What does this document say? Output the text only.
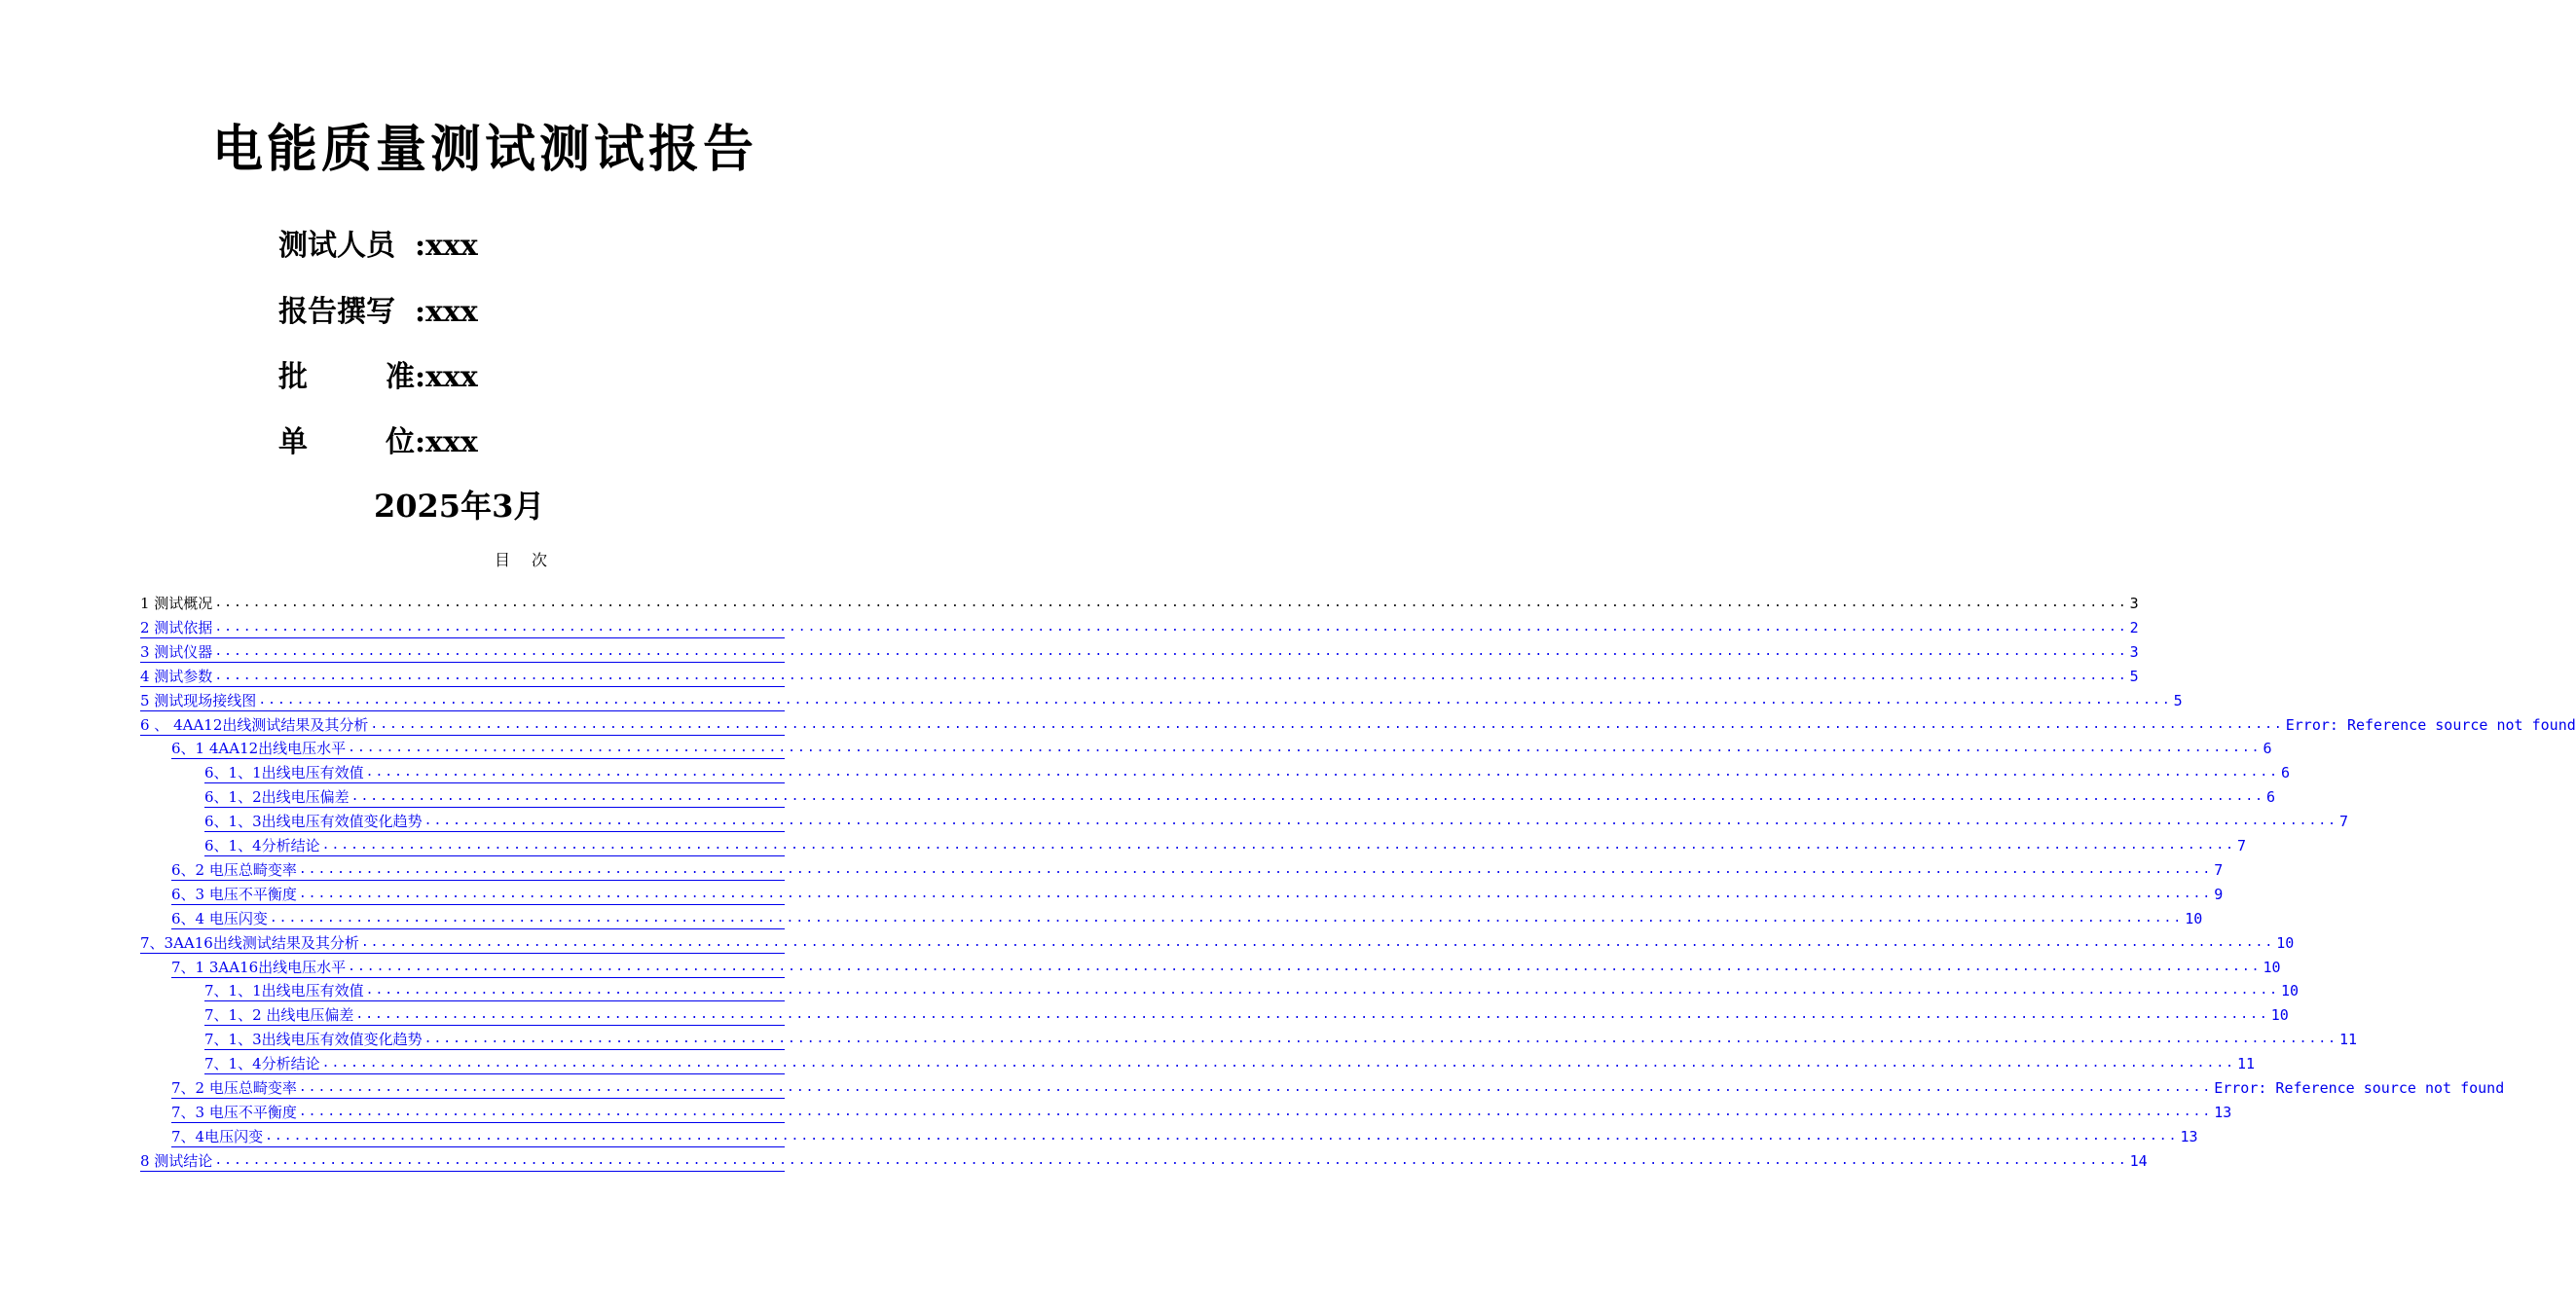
电能质量测试测试报告
测试人员 : xxx
报告撰写 : xxx
批	准 : xxx
单	位 : xxx
2025年3月
目次
1 测试概况 ........................................................................................................................................................................................................ 3
2 测试依据 ........................................................................................................................................................................................................ 2
3 测试仪器 ........................................................................................................................................................................................................ 3
4 测试参数 ........................................................................................................................................................................................................ 5
5 测试现场接线图 ........................................................................................................................................................................................................ 5
6 、 4AA12出线测试结果及其分析 ........................................................................................................................................................................................................ Error: Reference source not found
6、1 4AA12出线电压水平 ........................................................................................................................................................................................................ 6
6、1、1出线电压有效值 ........................................................................................................................................................................................................ 6
6、1、2出线电压偏差 ........................................................................................................................................................................................................ 6
6、1、3出线电压有效值变化趋势 ........................................................................................................................................................................................................ 7
6、1、4分析结论 ........................................................................................................................................................................................................ 7
6、2 电压总畸变率 ........................................................................................................................................................................................................ 7
6、3 电压不平衡度 ........................................................................................................................................................................................................ 9
6、4 电压闪变 ........................................................................................................................................................................................................ 10
7、3AA16出线测试结果及其分析 ........................................................................................................................................................................................................ 10
7、1 3AA16出线电压水平 ........................................................................................................................................................................................................ 10
7、1、1出线电压有效值 ........................................................................................................................................................................................................ 10
7、1、2 出线电压偏差 ........................................................................................................................................................................................................ 10
7、1、3出线电压有效值变化趋势 ........................................................................................................................................................................................................ 11
7、1、4分析结论 ........................................................................................................................................................................................................ 11
7、2 电压总畸变率 ........................................................................................................................................................................................................ Error: Reference source not found
7、3 电压不平衡度 ........................................................................................................................................................................................................ 13
7、4电压闪变 ........................................................................................................................................................................................................ 13
8 测试结论 ........................................................................................................................................................................................................ 14
